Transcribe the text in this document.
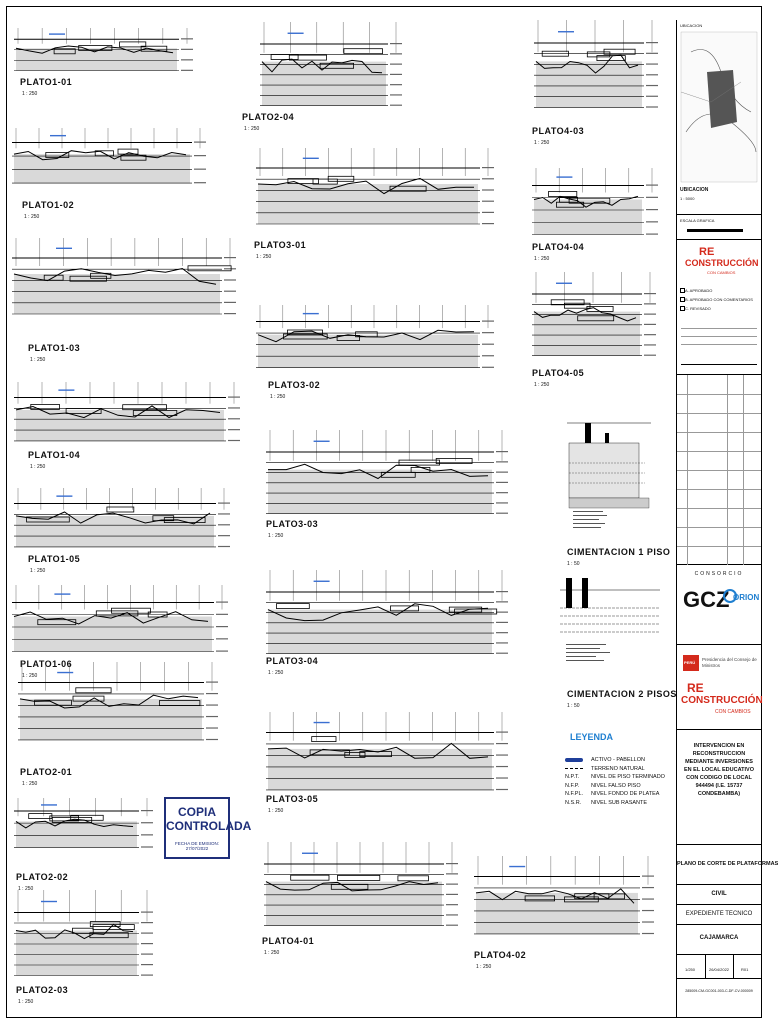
PLATO1-01
1 : 250
PLATO1-02
1 : 250
PLATO1-03
1 : 250
PLATO1-04
1 : 250
PLATO1-05
1 : 250
PLATO1-06
1 : 250
PLATO2-01
1 : 250
PLATO2-02
1 : 250
PLATO2-03
1 : 250
PLATO2-04
1 : 250
PLATO3-01
1 : 250
PLATO3-02
1 : 250
PLATO3-03
1 : 250
PLATO3-04
1 : 250
PLATO3-05
1 : 250
PLATO4-01
1 : 250	PLATO4-02
1 : 250
PLATO4-03
1 : 250
PLATO4-04
1 : 250
PLATO4-05
1 : 250
COPIA
CONTROLADA
FECHA DE EMISION: 27/07/2022
CIMENTACION 1 PISO
1 : 50
CIMENTACION 2 PISOS
1 : 50
LEYENDA
ACTIVO - PABELLON
TERRENO NATURAL
N.P.T. NIVEL DE PISO TERMINADO
N.F.P. NIVEL FALSO PISO
N.F.PL. NIVEL FONDO DE PLATEA
N.S.R. NIVEL SUB RASANTE
UBICACION
UBICACION
1 : 5000
ESCALA GRAFICA
RE
CONSTRUCCIÓN
CON CAMBIOS
A. APROBADO
B. APROBADO CON COMENTARIOS
C. REVISADO
CONSORCIO
GCZ ORION
PERÚ
Presidencia del Consejo de Ministros
RE
CONSTRUCCIÓN
CON CAMBIOS
INTERVENCION EN RECONSTRUCCION MEDIANTE INVERSIONES EN EL LOCAL EDUCATIVO CON CODIGO DE LOCAL 944494 (I.E. 15737 CONDEBAMBA)
PLANO DE CORTE DE PLATAFORMAS
CIVIL
EXPEDIENTE TECNICO
CAJAMARCA
1/250	26/04/2022	R01
285009-CM-GC001-003-C-DF-CV-000009
